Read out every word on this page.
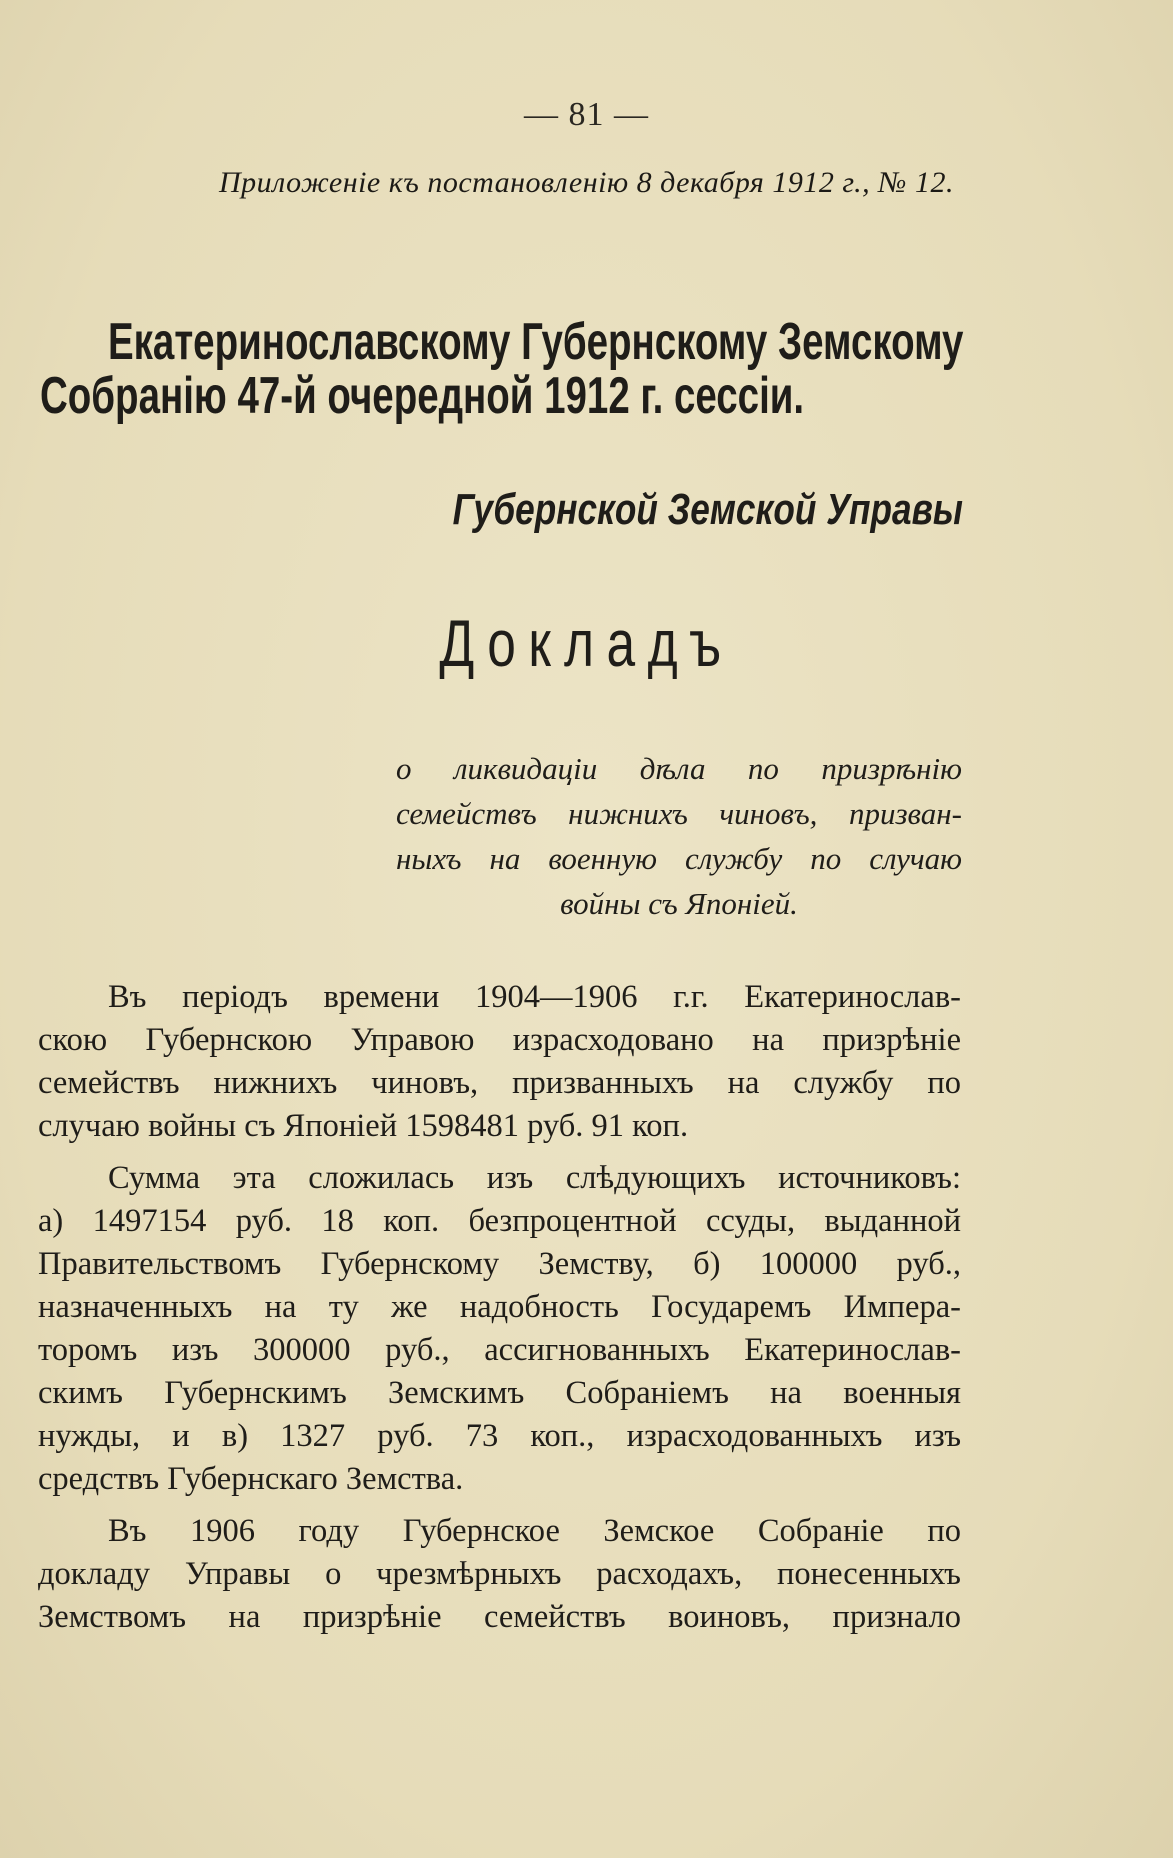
— 81 —
Приложенiе къ постановленiю 8 декабря 1912 г., № 12.
Екатеринославскому Губернскому Земскому
Собранiю 47-й очередной 1912 г. сессiи.
Губернской Земской Управы
Докладъ
о ликвидацiи дѣла по призрѣнiю
семействъ нижнихъ чиновъ, призван-
ныхъ на военную службу по случаю
войны съ Японiей.
Въ перiодъ времени 1904—1906 г.г. Екатеринослав-
скою Губернскою Управою израсходовано на призрѣнiе
семействъ нижнихъ чиновъ, призванныхъ на службу по
случаю войны съ Японiей 1598481 руб. 91 коп.
Сумма эта сложилась изъ слѣдующихъ источниковъ:
а) 1497154 руб. 18 коп. безпроцентной ссуды, выданной
Правительствомъ Губернскому Земству, б) 100000 руб.,
назначенныхъ на ту же надобность Государемъ Импера-
торомъ изъ 300000 руб., ассигнованныхъ Екатеринослав-
скимъ Губернскимъ Земскимъ Собранiемъ на военныя
нужды, и в) 1327 руб. 73 коп., израсходованныхъ изъ
средствъ Губернскаго Земства.
Въ 1906 году Губернское Земское Собранiе по
докладу Управы о чрезмѣрныхъ расходахъ, понесенныхъ
Земствомъ на призрѣнiе семействъ воиновъ, признало
